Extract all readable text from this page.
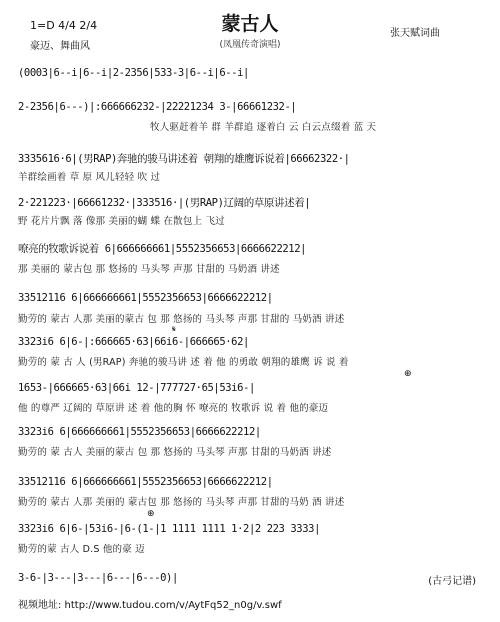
蒙古人
1=D 4/4 2/4
豪迈、舞曲风	(凤凰传奇演唱)
张天赋词曲
(0003|6--i|6--i|2-2356|533-3|6--i|6--i|
2-2356|6---)|:666666232-|22221234 3-|66661232-|
牧人驱赶着羊 群 羊群追 逐着白 云 白云点缀着 蓝 天
3335616·6|(男RAP)奔驰的骏马讲述着 朝翔的雄鹰诉说着|66662322·|
羊群绘画着 草 原 风儿轻轻 吹 过
2·221223·|66661232·|333516·|(男RAP)辽阔的草原讲述着|
野 花片片飘 落 像那 美丽的蝴 蝶 在散包上 飞过
嘹亮的牧歌诉说着 6|666666661|5552356653|6666622212|
那 美丽的 蒙古包 那 悠扬的 马头琴 声那 甘甜的 马奶酒 讲述
33512116 6|666666661|5552356653|6666622212|
勤劳的 蒙古 人那 美丽的蒙古 包 那 悠扬的 马头琴 声那 甘甜的 马奶酒 讲述
3323i6 6|6-|:666665·63|66i6-|666665·62|
勤劳的 蒙 古 人 (男RAP) 奔驰的骏马讲 述 着 他 的勇敢 朝翔的雄鹰 诉 说 着
𝄋
1653-|666665·63|66i 12-|777727·65|53i6-|
他 的尊严 辽阔的 草原讲 述 着 他的胸 怀 嘹亮的 牧歌诉 说 着 他的豪迈
⊕
3323i6 6|666666661|5552356653|6666622212|
勤劳的 蒙 古人 美丽的蒙古 包 那 悠扬的 马头琴 声那 甘甜的马奶酒 讲述
33512116 6|666666661|5552356653|6666622212|
勤劳的 蒙古 人那 美丽的 蒙古包 那 悠扬的 马头琴 声那 甘甜的马奶 酒 讲述
3323i6 6|6-|53i6-|6-(1-|1 1111 1111 1·2|2 223 3333|
勤劳的蒙 古人 D.S 他的豪 迈
⊕
3-6-|3---|3---|6---|6---0)|	(古弓记谱)
视频地址: http://www.tudou.com/v/AytFq52_n0g/v.swf
